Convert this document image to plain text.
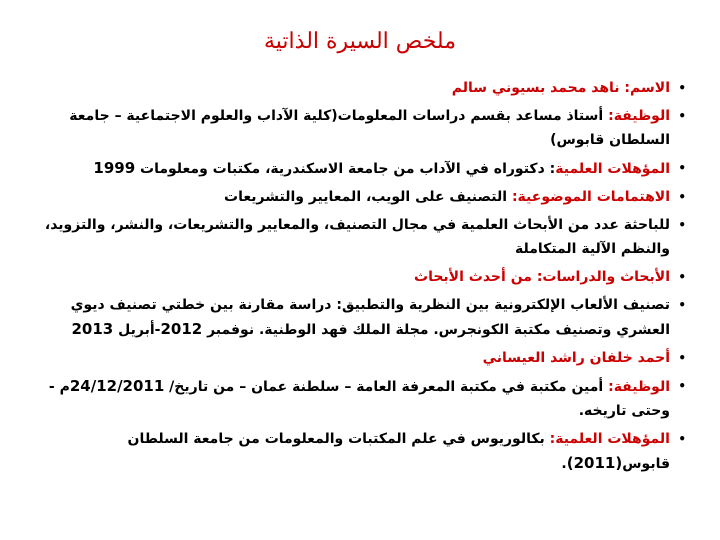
ملخص السيرة الذاتية
•
الاسم: ناهد محمد بسيوني سالم
•
الوظيفة: أستاذ مساعد بقسم دراسات المعلومات(كلية الآداب والعلوم الاجتماعية – جامعة السلطان قابوس)
•
المؤهلات العلمية: دكتوراه في الآداب من جامعة الاسكندرية، مكتبات ومعلومات 1999
•
الاهتمامات الموضوعية: التصنيف على الويب، المعايير والتشريعات
•
للباحثة عدد من الأبحاث العلمية في مجال التصنيف، والمعايير والتشريعات، والنشر، والتزويد، والنظم الآلية المتكاملة
•
الأبحاث والدراسات: من أحدث الأبحاث
•
تصنيف الألعاب الإلكترونية بين النظرية والتطبيق: دراسة مقارنة بين خطتي تصنيف ديوي العشري وتصنيف مكتبة الكونجرس. مجلة الملك فهد الوطنية. نوفمبر 2012-أبريل 2013
•
أحمد خلفان راشد العيساني
•
الوظيفة: أمين مكتبة في مكتبة المعرفة العامة – سلطنة عمان – من تاريخ/ 24/12/2011م - وحتى تاريخه.
•
المؤهلات العلمية: بكالوريوس في علم المكتبات والمعلومات من جامعة السلطان قابوس(2011).
